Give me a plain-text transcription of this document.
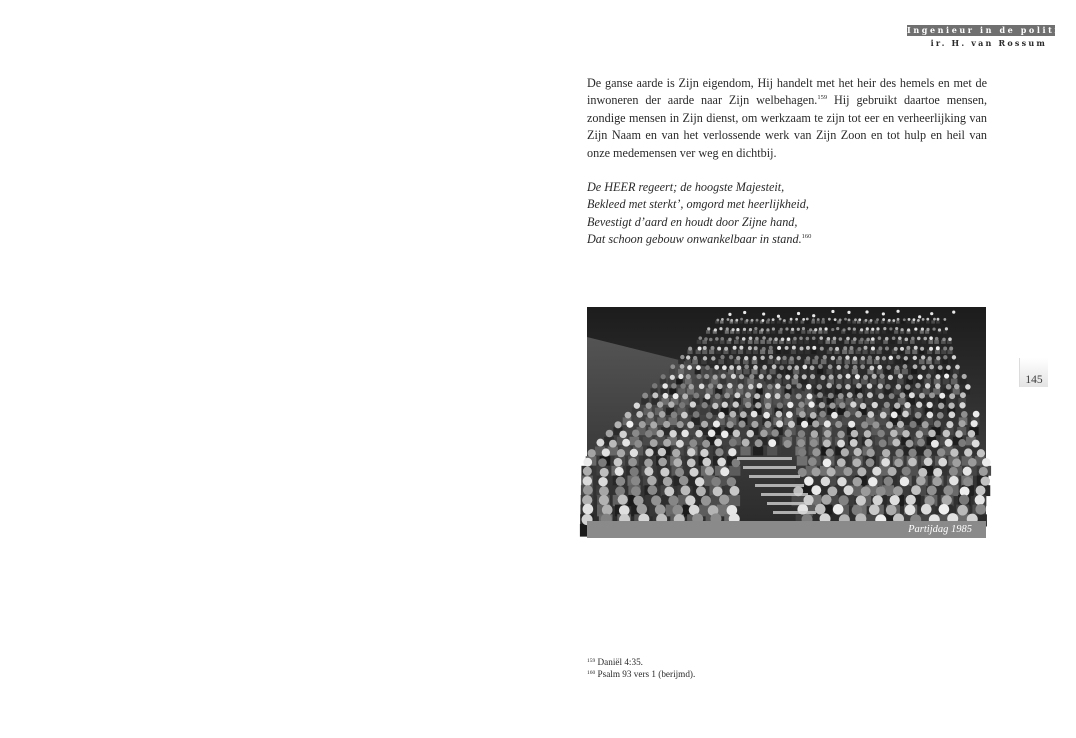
Ingenieur in de politiek
ir. H. van Rossum

De ganse aarde is Zijn eigendom, Hij handelt met het heir des hemels en met de inwoneren der aarde naar Zijn welbehagen.$^{159}$ Hij gebruikt daartoe mensen, zondige mensen in Zijn dienst, om werkzaam te zijn tot eer en verheerlijking van Zijn Naam en van het verlossende werk van Zijn Zoon en tot hulp en heil van onze medemensen ver weg en dichtbij.

De HEER regeert; de hoogste Majesteit,
Bekleed met sterkt’, omgord met heerlijkheid,
Bevestigt d’aard en houdt door Zijne hand,
Dat schoon gebouw onwankelbaar in stand.$^{160}$
Partijdag 1985
145
$^{159}$ Daniël 4:35.
$^{160}$ Psalm 93 vers 1 (berijmd).
